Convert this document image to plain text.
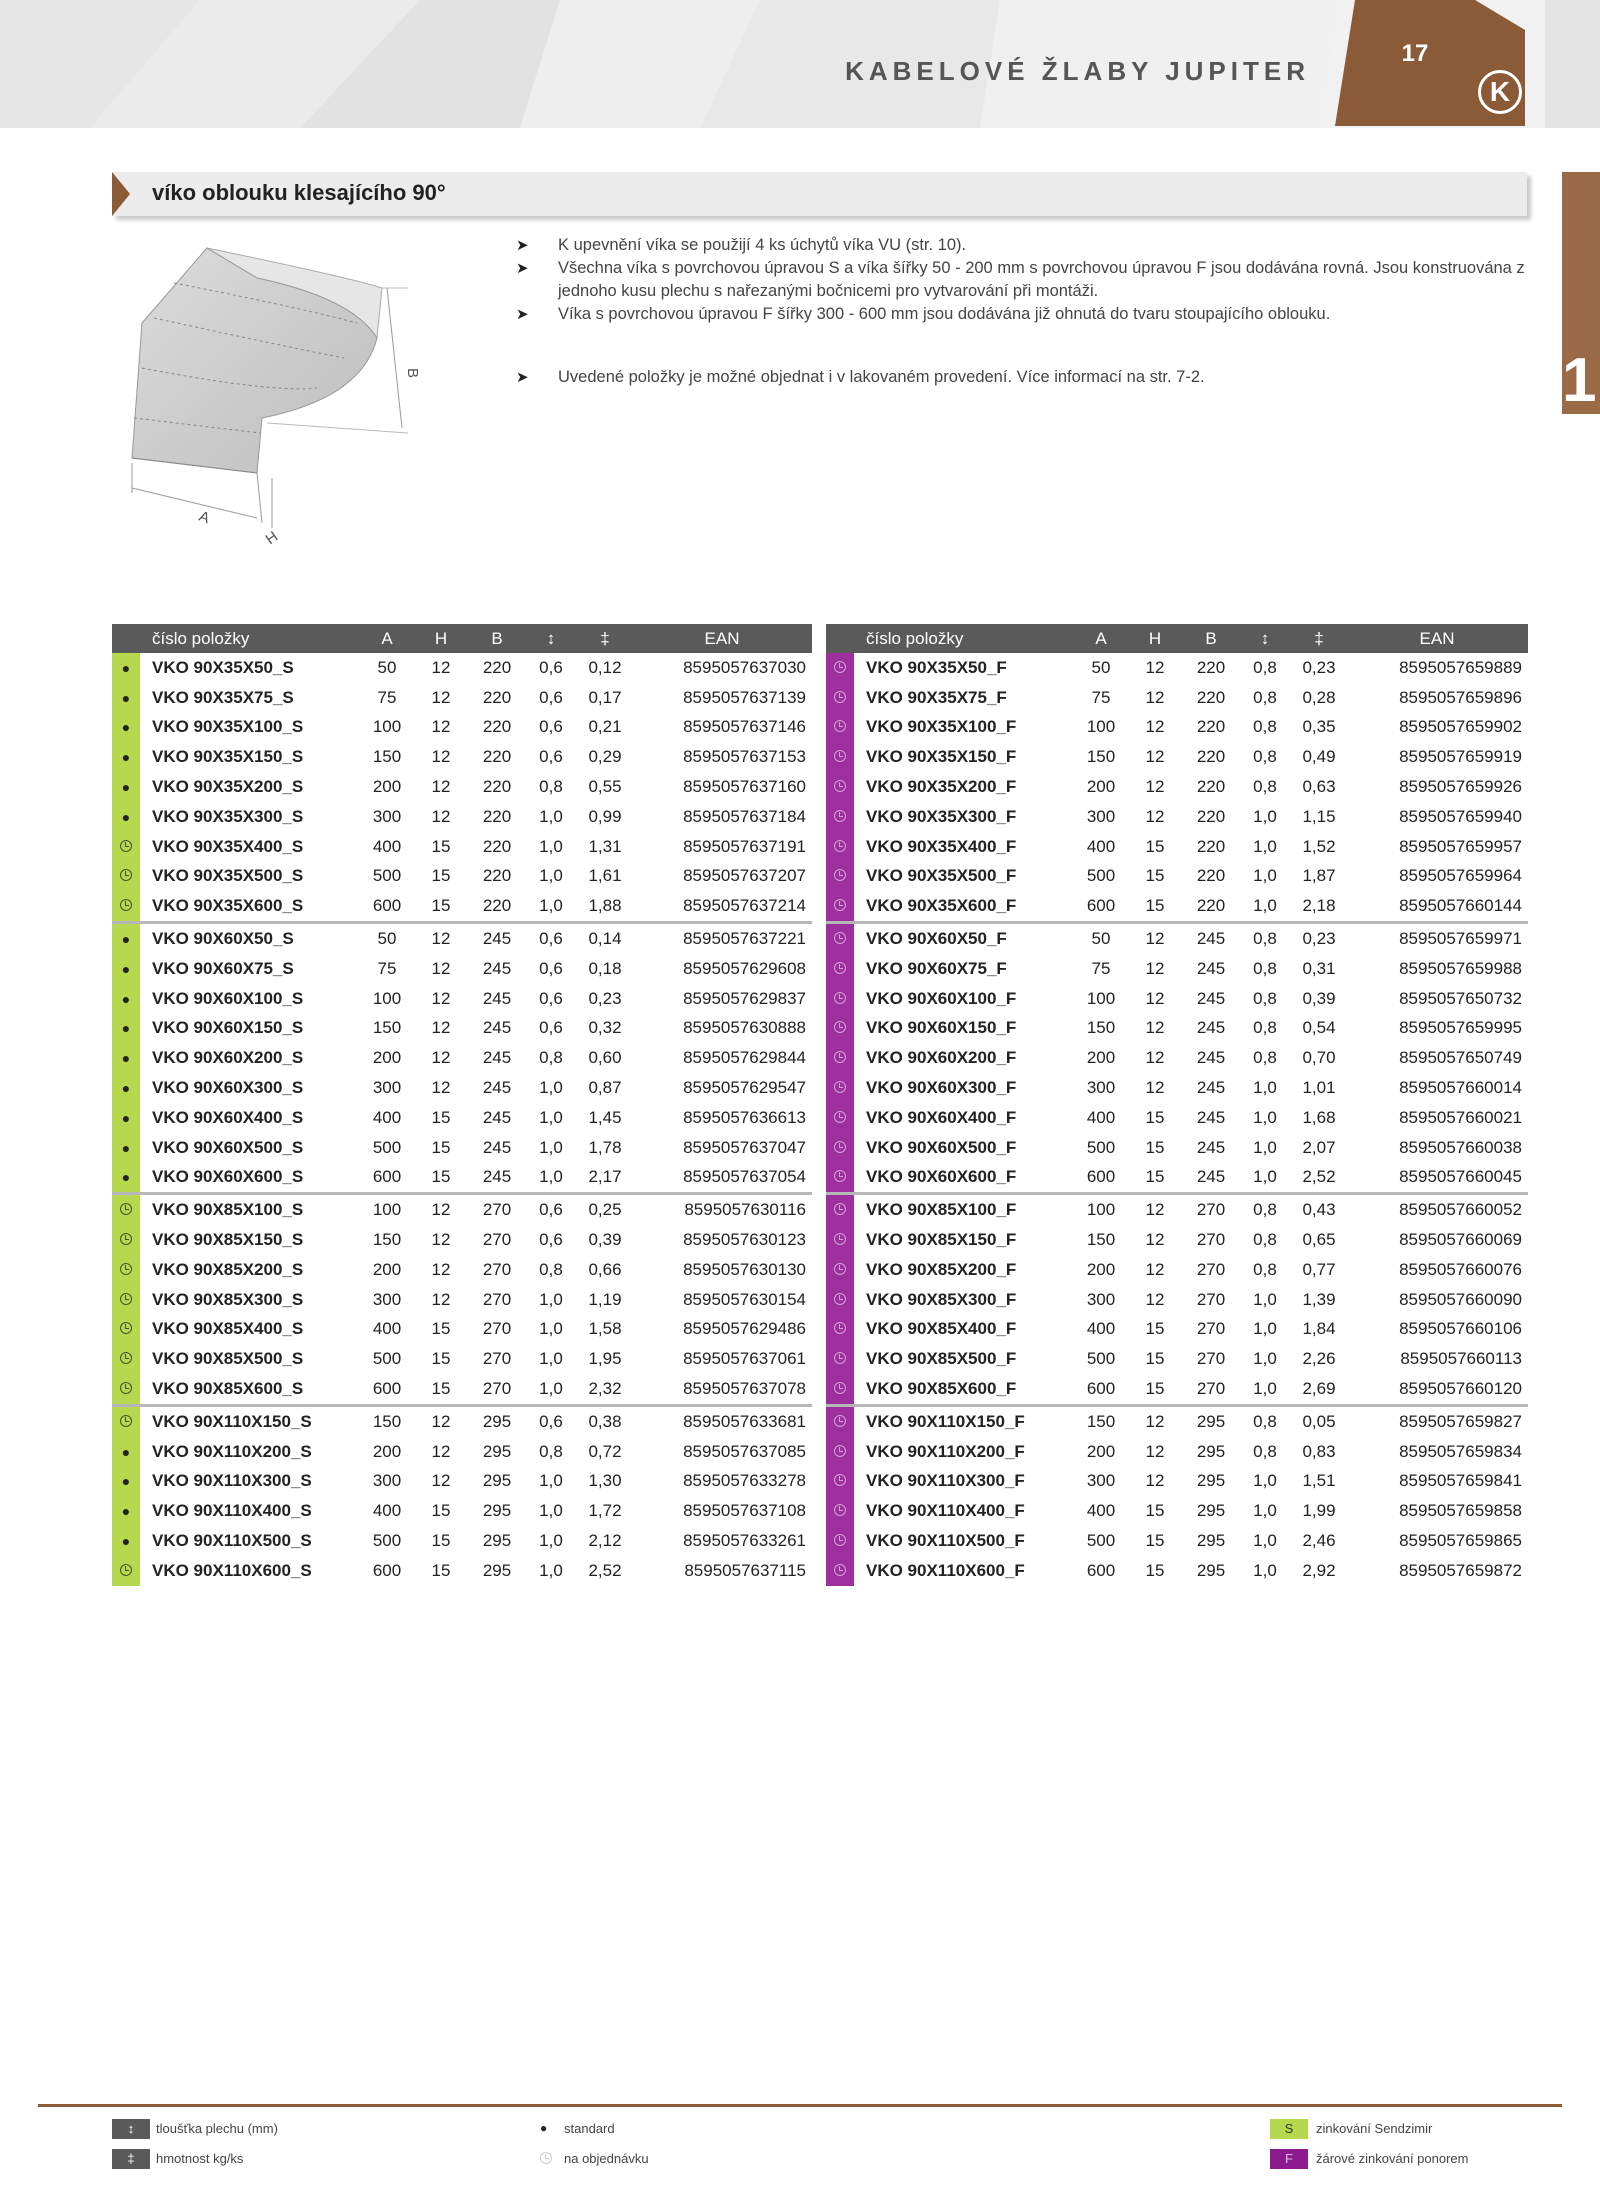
KABELOVÉ ŽLABY JUPITER
17
K
1
víko oblouku klesajícího 90°
A
B
H
➤ K upevnění víka se použijí 4 ks úchytů víka VU (str. 10).
➤ Všechna víka s povrchovou úpravou S a víka šířky 50 - 200 mm s povrchovou úpravou F jsou dodávána rovná. Jsou konstruována z jednoho kusu plechu s nařezanými bočnicemi pro vytvarování při montáži.
➤ Víka s povrchovou úpravou F šířky 300 - 600 mm jsou dodávána již ohnutá do tvaru stoupajícího oblouku.
➤ Uvedené položky je možné objednat i v lakovaném provedení. Více informací na str. 7-2.
	číslo položky	A	H	B	↕	‡	EAN
●	VKO 90X35X50_S	50	12	220	0,6	0,12	8595057637030
●	VKO 90X35X75_S	75	12	220	0,6	0,17	8595057637139
●	VKO 90X35X100_S	100	12	220	0,6	0,21	8595057637146
●	VKO 90X35X150_S	150	12	220	0,6	0,29	8595057637153
●	VKO 90X35X200_S	200	12	220	0,8	0,55	8595057637160
●	VKO 90X35X300_S	300	12	220	1,0	0,99	8595057637184
	VKO 90X35X400_S	400	15	220	1,0	1,31	8595057637191
	VKO 90X35X500_S	500	15	220	1,0	1,61	8595057637207
	VKO 90X35X600_S	600	15	220	1,0	1,88	8595057637214
●	VKO 90X60X50_S	50	12	245	0,6	0,14	8595057637221
●	VKO 90X60X75_S	75	12	245	0,6	0,18	8595057629608
●	VKO 90X60X100_S	100	12	245	0,6	0,23	8595057629837
●	VKO 90X60X150_S	150	12	245	0,6	0,32	8595057630888
●	VKO 90X60X200_S	200	12	245	0,8	0,60	8595057629844
●	VKO 90X60X300_S	300	12	245	1,0	0,87	8595057629547
●	VKO 90X60X400_S	400	15	245	1,0	1,45	8595057636613
●	VKO 90X60X500_S	500	15	245	1,0	1,78	8595057637047
●	VKO 90X60X600_S	600	15	245	1,0	2,17	8595057637054
	VKO 90X85X100_S	100	12	270	0,6	0,25	8595057630116
	VKO 90X85X150_S	150	12	270	0,6	0,39	8595057630123
	VKO 90X85X200_S	200	12	270	0,8	0,66	8595057630130
	VKO 90X85X300_S	300	12	270	1,0	1,19	8595057630154
	VKO 90X85X400_S	400	15	270	1,0	1,58	8595057629486
	VKO 90X85X500_S	500	15	270	1,0	1,95	8595057637061
	VKO 90X85X600_S	600	15	270	1,0	2,32	8595057637078
	VKO 90X110X150_S	150	12	295	0,6	0,38	8595057633681
●	VKO 90X110X200_S	200	12	295	0,8	0,72	8595057637085
●	VKO 90X110X300_S	300	12	295	1,0	1,30	8595057633278
●	VKO 90X110X400_S	400	15	295	1,0	1,72	8595057637108
●	VKO 90X110X500_S	500	15	295	1,0	2,12	8595057633261
	VKO 90X110X600_S	600	15	295	1,0	2,52	8595057637115
	číslo položky	A	H	B	↕	‡	EAN
	VKO 90X35X50_F	50	12	220	0,8	0,23	8595057659889
	VKO 90X35X75_F	75	12	220	0,8	0,28	8595057659896
	VKO 90X35X100_F	100	12	220	0,8	0,35	8595057659902
	VKO 90X35X150_F	150	12	220	0,8	0,49	8595057659919
	VKO 90X35X200_F	200	12	220	0,8	0,63	8595057659926
	VKO 90X35X300_F	300	12	220	1,0	1,15	8595057659940
	VKO 90X35X400_F	400	15	220	1,0	1,52	8595057659957
	VKO 90X35X500_F	500	15	220	1,0	1,87	8595057659964
	VKO 90X35X600_F	600	15	220	1,0	2,18	8595057660144
	VKO 90X60X50_F	50	12	245	0,8	0,23	8595057659971
	VKO 90X60X75_F	75	12	245	0,8	0,31	8595057659988
	VKO 90X60X100_F	100	12	245	0,8	0,39	8595057650732
	VKO 90X60X150_F	150	12	245	0,8	0,54	8595057659995
	VKO 90X60X200_F	200	12	245	0,8	0,70	8595057650749
	VKO 90X60X300_F	300	12	245	1,0	1,01	8595057660014
	VKO 90X60X400_F	400	15	245	1,0	1,68	8595057660021
	VKO 90X60X500_F	500	15	245	1,0	2,07	8595057660038
	VKO 90X60X600_F	600	15	245	1,0	2,52	8595057660045
	VKO 90X85X100_F	100	12	270	0,8	0,43	8595057660052
	VKO 90X85X150_F	150	12	270	0,8	0,65	8595057660069
	VKO 90X85X200_F	200	12	270	0,8	0,77	8595057660076
	VKO 90X85X300_F	300	12	270	1,0	1,39	8595057660090
	VKO 90X85X400_F	400	15	270	1,0	1,84	8595057660106
	VKO 90X85X500_F	500	15	270	1,0	2,26	8595057660113
	VKO 90X85X600_F	600	15	270	1,0	2,69	8595057660120
	VKO 90X110X150_F	150	12	295	0,8	0,05	8595057659827
	VKO 90X110X200_F	200	12	295	0,8	0,83	8595057659834
	VKO 90X110X300_F	300	12	295	1,0	1,51	8595057659841
	VKO 90X110X400_F	400	15	295	1,0	1,99	8595057659858
	VKO 90X110X500_F	500	15	295	1,0	2,46	8595057659865
	VKO 90X110X600_F	600	15	295	1,0	2,92	8595057659872
↕	tloušťka plechu (mm)
‡	hmotnost kg/ks
● standard
na objednávku
S	zinkování Sendzimir
F	žárové zinkování ponorem
